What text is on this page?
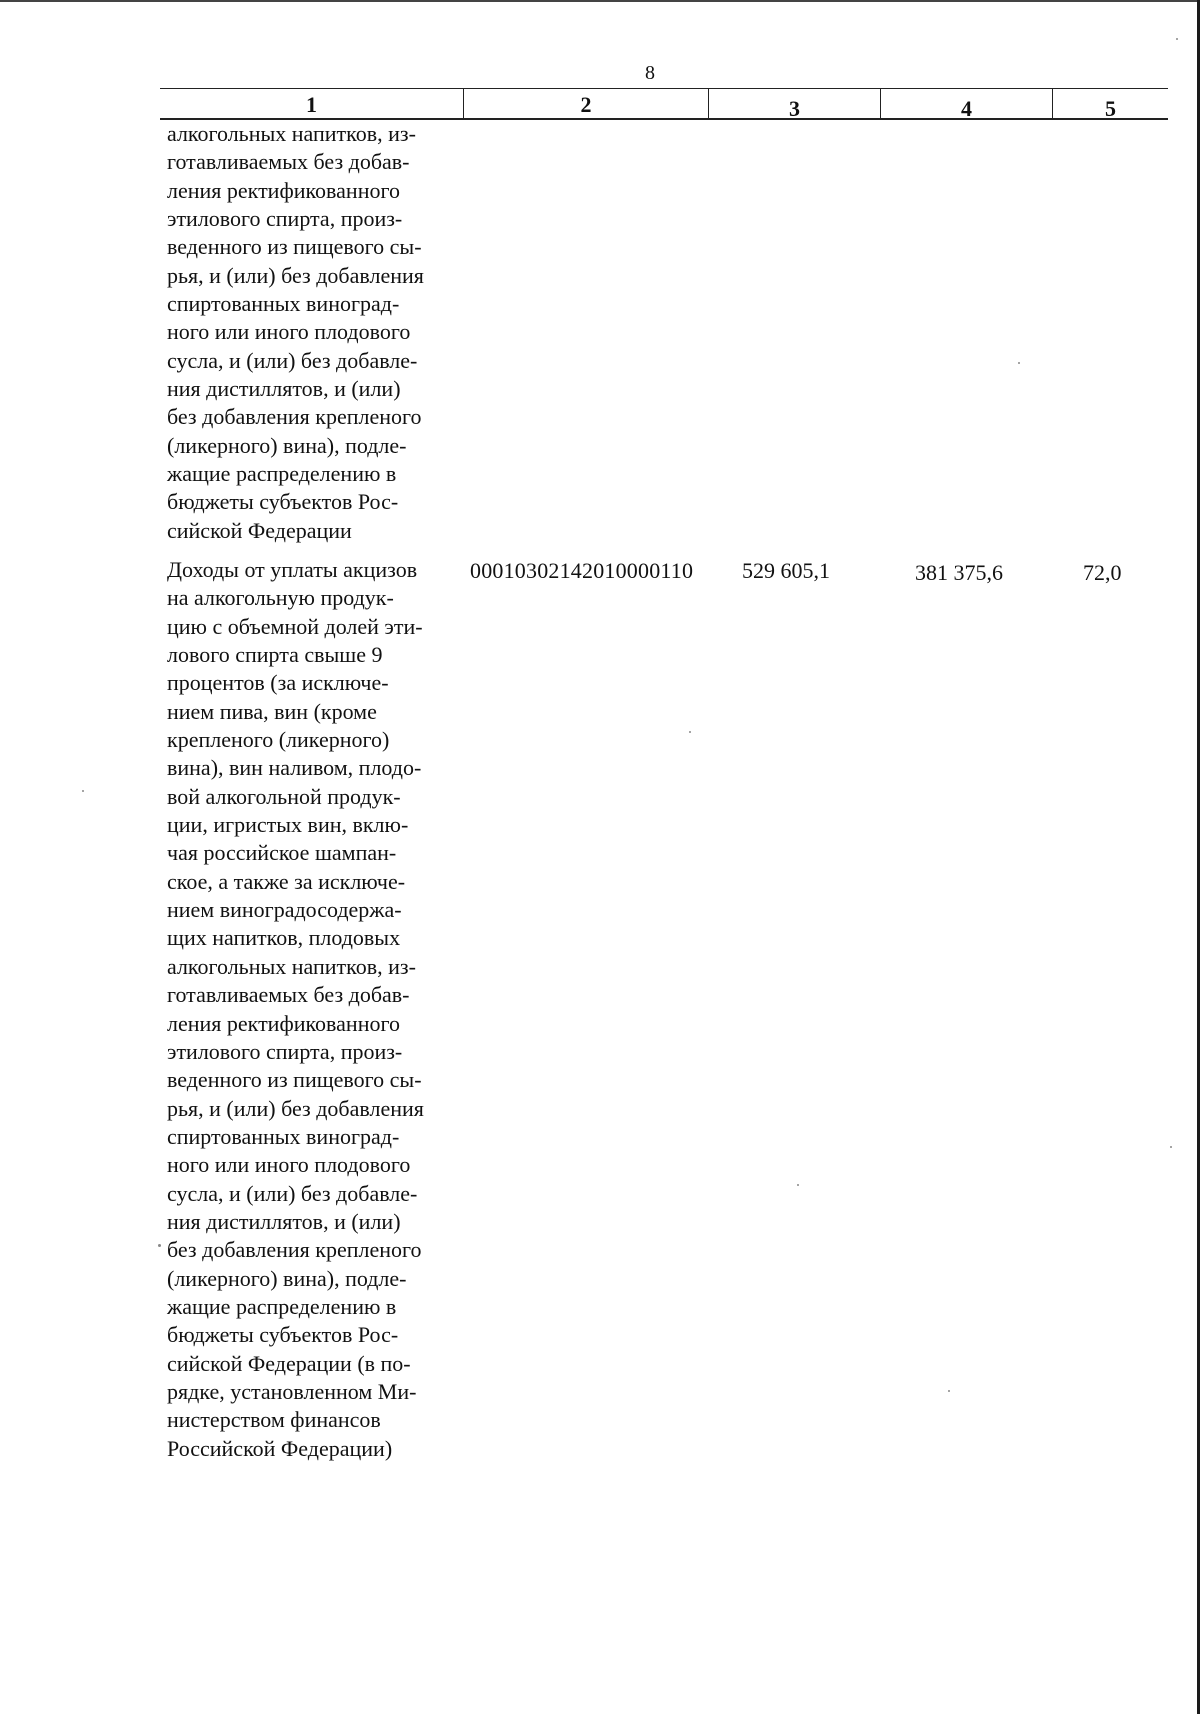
8
1	2	3	4	5
алкогольных напитков, из-
готавливаемых без добав-
ления ректификованного
этилового спирта, произ-
веденного из пищевого сы-
рья, и (или) без добавления
спиртованных виноград-
ного или иного плодового
сусла, и (или) без добавле-
ния дистиллятов, и (или)
без добавления крепленого
(ликерного) вина), подле-
жащие распределению в
бюджеты субъектов Рос-
сийской Федерации
Доходы от уплаты акцизов
на алкогольную продук-
цию с объемной долей эти-
лового спирта свыше 9
процентов (за исключе-
нием пива, вин (кроме
крепленого (ликерного)
вина), вин наливом, плодо-
вой алкогольной продук-
ции, игристых вин, вклю-
чая российское шампан-
ское, а также за исключе-
нием виноградосодержа-
щих напитков, плодовых
алкогольных напитков, из-
готавливаемых без добав-
ления ректификованного
этилового спирта, произ-
веденного из пищевого сы-
рья, и (или) без добавления
спиртованных виноград-
ного или иного плодового
сусла, и (или) без добавле-
ния дистиллятов, и (или)
без добавления крепленого
(ликерного) вина), подле-
жащие распределению в
бюджеты субъектов Рос-
сийской Федерации (в по-
рядке, установленном Ми-
нистерством финансов
Российской Федерации)
00010302142010000110 529 605,1	381 375,6	72,0
